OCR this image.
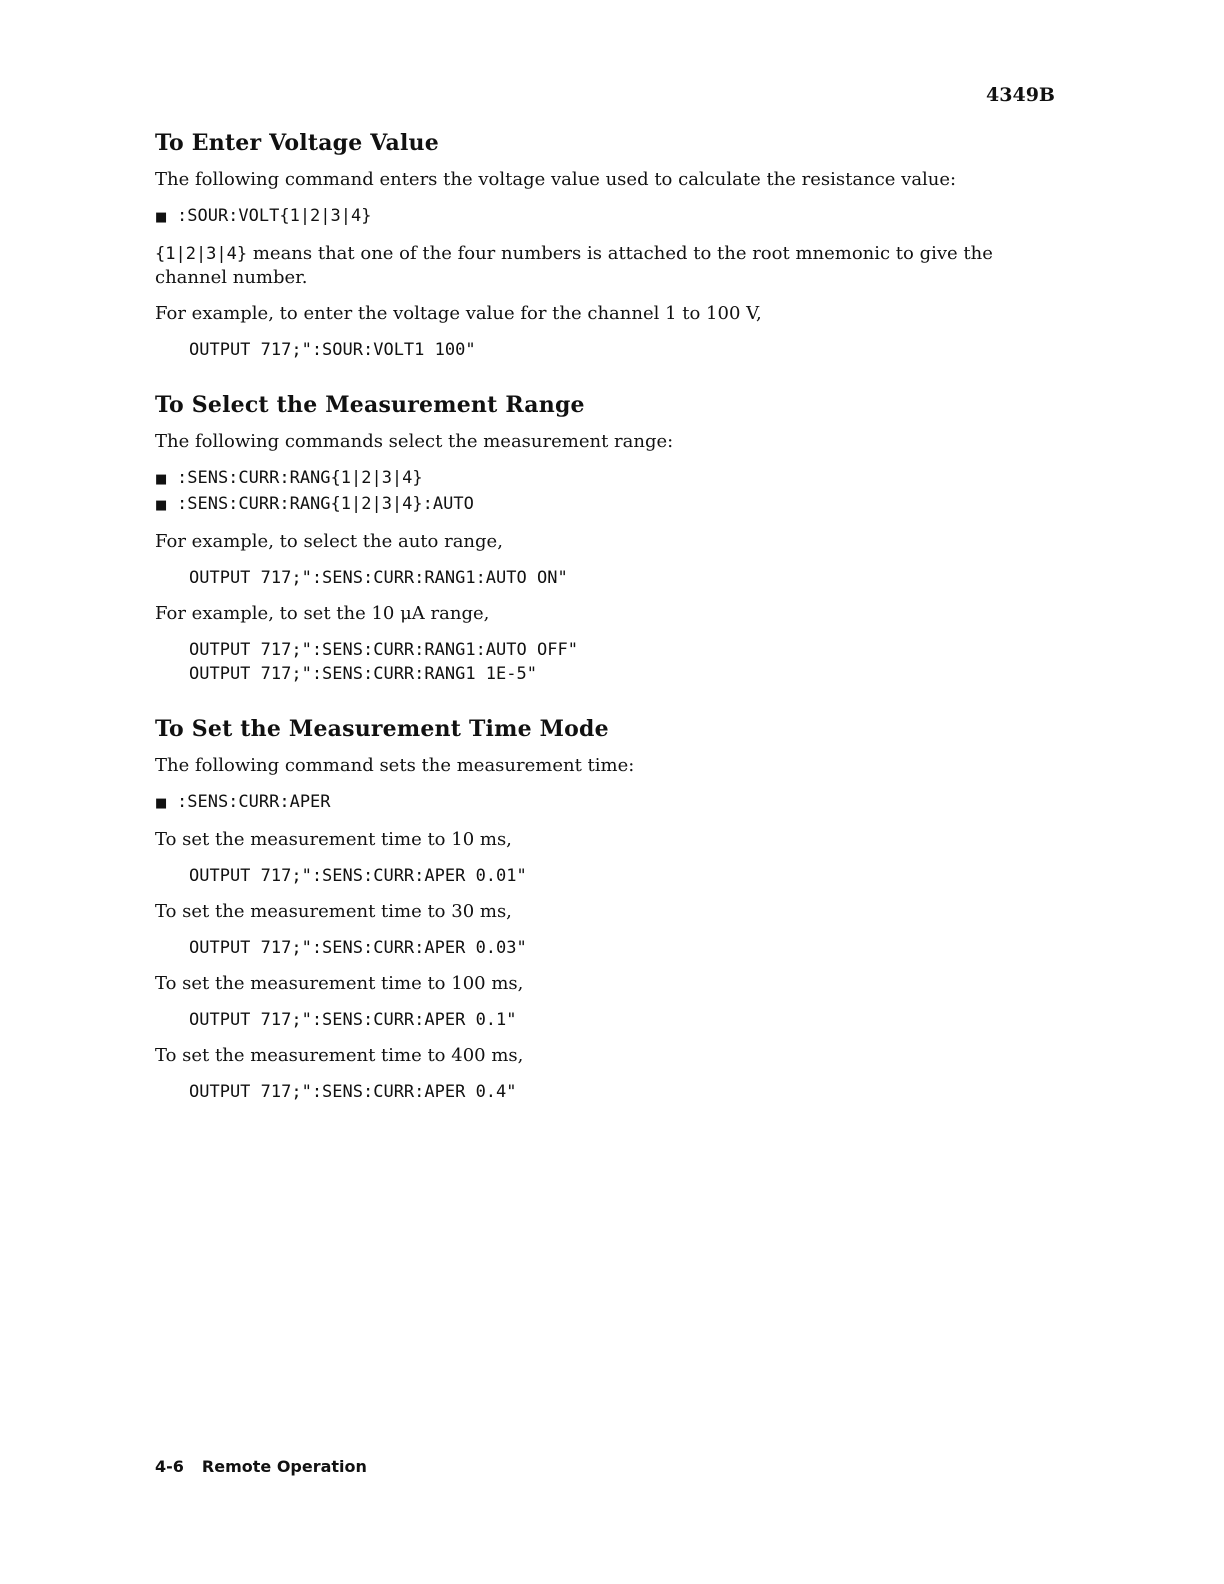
4349B
To Enter Voltage Value

The following command enters the voltage value used to calculate the resistance value:

■ :SOUR:VOLT{1|2|3|4}

{1|2|3|4} means that one of the four numbers is attached to the root mnemonic to give the channel number.

For example, to enter the voltage value for the channel 1 to 100 V,

OUTPUT 717;":SOUR:VOLT1 100"
To Select the Measurement Range

The following commands select the measurement range:

■ :SENS:CURR:RANG{1|2|3|4}
■ :SENS:CURR:RANG{1|2|3|4}:AUTO

For example, to select the auto range,

OUTPUT 717;":SENS:CURR:RANG1:AUTO ON"

For example, to set the 10 μA range,

OUTPUT 717;":SENS:CURR:RANG1:AUTO OFF"
OUTPUT 717;":SENS:CURR:RANG1 1E-5"
To Set the Measurement Time Mode

The following command sets the measurement time:

■ :SENS:CURR:APER

To set the measurement time to 10 ms,

OUTPUT 717;":SENS:CURR:APER 0.01"

To set the measurement time to 30 ms,

OUTPUT 717;":SENS:CURR:APER 0.03"

To set the measurement time to 100 ms,

OUTPUT 717;":SENS:CURR:APER 0.1"

To set the measurement time to 400 ms,

OUTPUT 717;":SENS:CURR:APER 0.4"
4-6 Remote Operation
